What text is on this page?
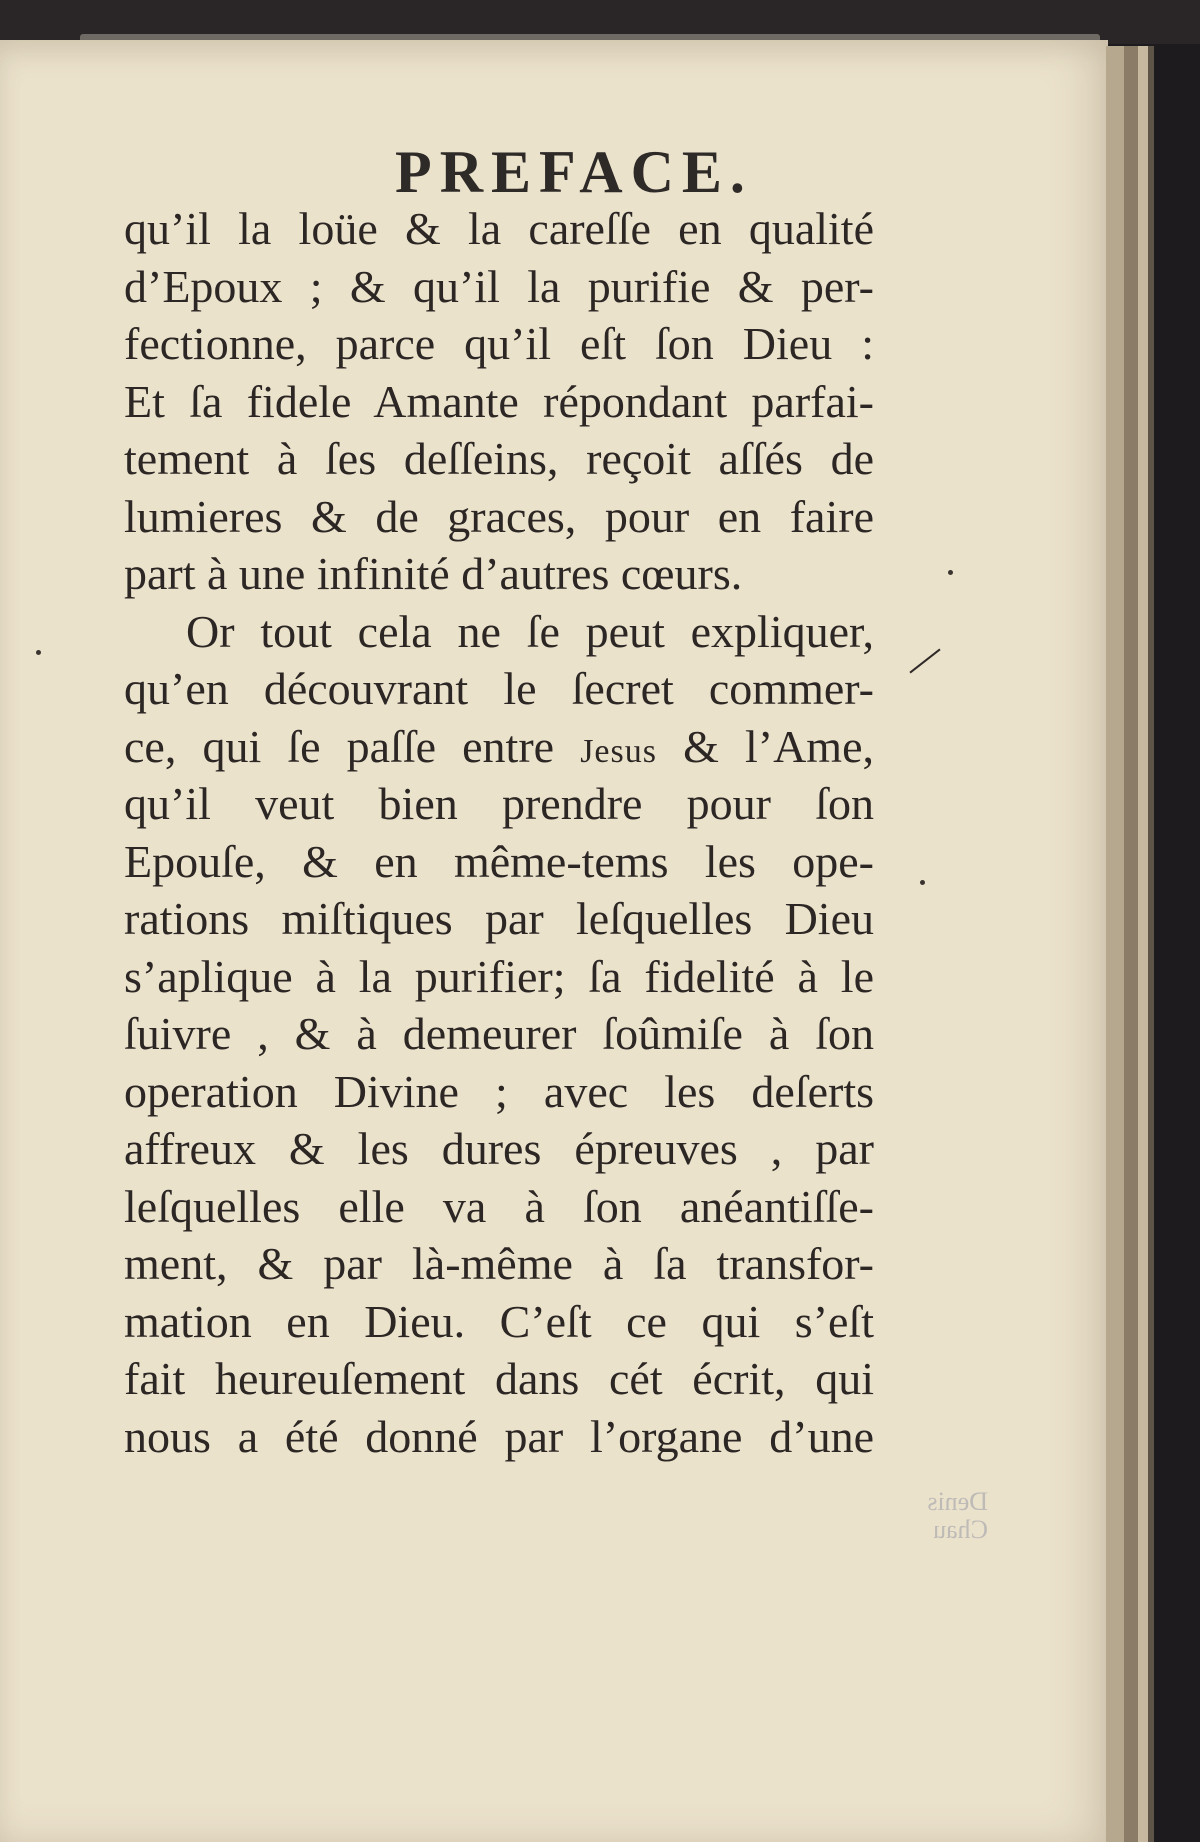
PREFACE.
qu’il la loüe & la careſſe en qualité
d’Epoux ; & qu’il la purifie & per-
fectionne, parce qu’il eſt ſon Dieu :
Et ſa fidele Amante répondant parfai-
tement à ſes deſſeins, reçoit aſſés de
lumieres & de graces, pour en faire
part à une infinité d’autres cœurs.
Or tout cela ne ſe peut expliquer,
qu’en découvrant le ſecret commer-
ce, qui ſe paſſe entre Jesus & l’Ame,
qu’il veut bien prendre pour ſon
Epouſe, & en même-tems les ope-
rations miſtiques par leſquelles Dieu
s’aplique à la purifier; ſa fidelité à le
ſuivre , & à demeurer ſoûmiſe à ſon
operation Divine ; avec les deſerts
affreux & les dures épreuves , par
leſquelles elle va à ſon anéantiſſe-
ment, & par là-même à ſa transfor-
mation en Dieu. C’eſt ce qui s’eſt
fait heureuſement dans cét écrit, qui
nous a été donné par l’organe d’une
Denis Chau
